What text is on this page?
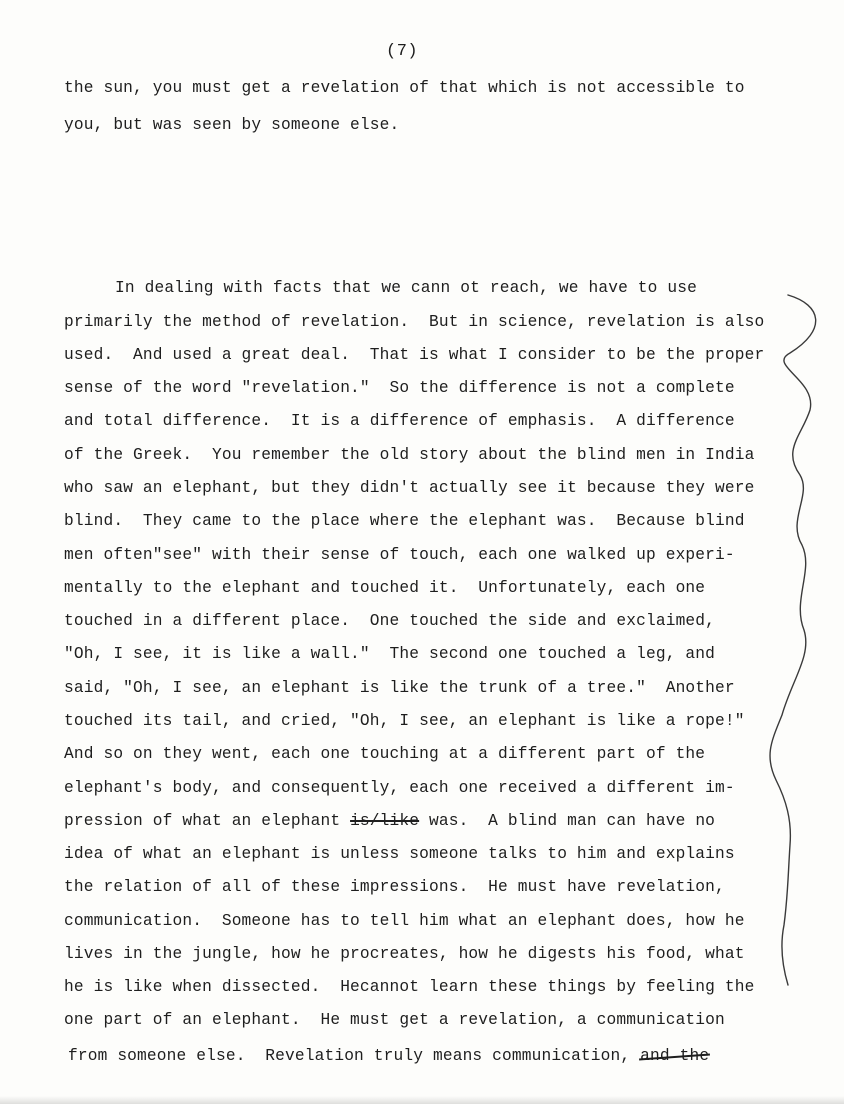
(7)
the sun, you must get a revelation of that which is not accessible to
you, but was seen by someone else.
In dealing with facts that we cann ot reach, we have to use
primarily the method of revelation.  But in science, revelation is also
used.  And used a great deal.  That is what I consider to be the proper
sense of the word "revelation."  So the difference is not a complete
and total difference.  It is a difference of emphasis.  A difference
of the Greek.  You remember the old story about the blind men in India
who saw an elephant, but they didn't actually see it because they were
blind.  They came to the place where the elephant was.  Because blind
men often"see" with their sense of touch, each one walked up experi-
mentally to the elephant and touched it.  Unfortunately, each one
touched in a different place.  One touched the side and exclaimed,
"Oh, I see, it is like a wall."  The second one touched a leg, and
said, "Oh, I see, an elephant is like the trunk of a tree."  Another
touched its tail, and cried, "Oh, I see, an elephant is like a rope!"
And so on they went, each one touching at a different part of the
elephant's body, and consequently, each one received a different im-
pression of what an elephant is/like was.  A blind man can have no
idea of what an elephant is unless someone talks to him and explains
the relation of all of these impressions.  He must have revelation,
communication.  Someone has to tell him what an elephant does, how he
lives in the jungle, how he procreates, how he digests his food, what
he is like when dissected.  Hecannot learn these things by feeling the
one part of an elephant.  He must get a revelation, a communication
from someone else.  Revelation truly means communication, and the
